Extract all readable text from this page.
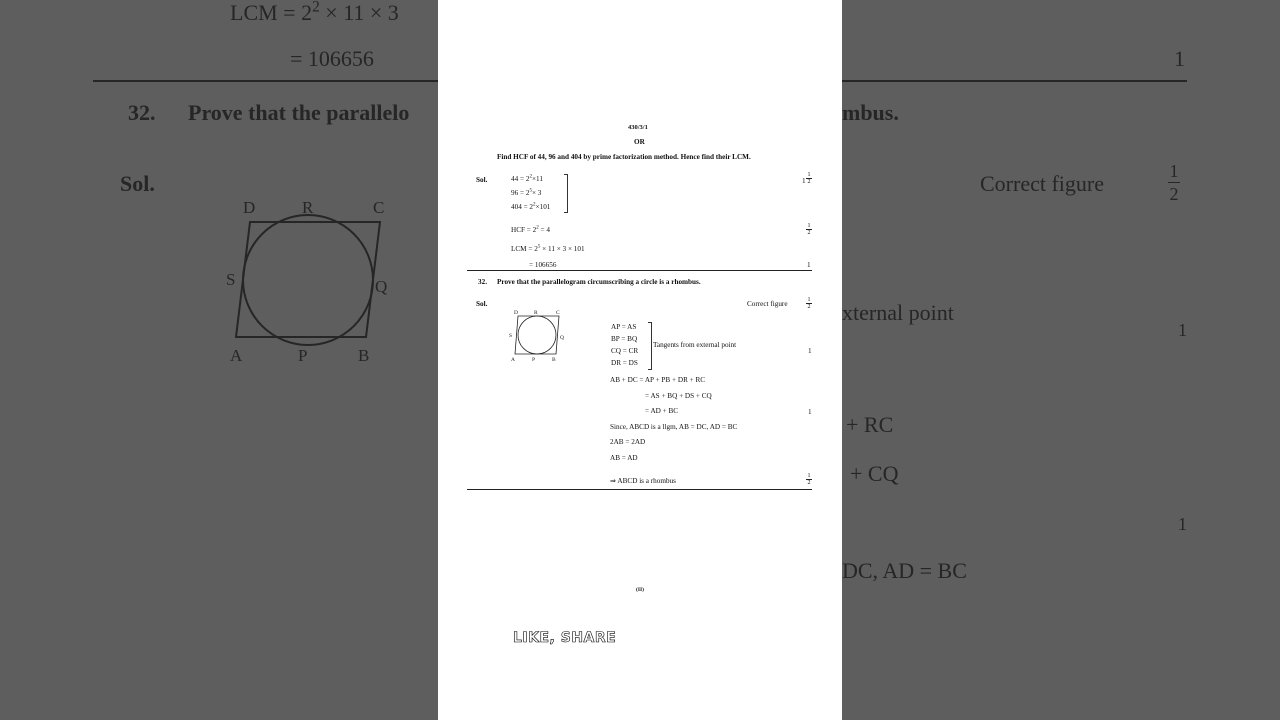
LCM = $2^2 \times 11 \times 3$
= 106656	1
32. Prove that the parallelo	mbus.
Sol.	Correct figure	1
2
xternal point
1
+ RC
+ CQ
1
DC, AD = BC
D	R	C
S	Q
A	P	B
430/3/1
OR
Find HCF of 44, 96 and 404 by prime factorization method. Hence find their LCM.
Sol.	$44 = 2^2\times 11$
$96 = 2^5\times 3$
$404 = 2^2\times 101$
$1 \frac{1}{2}$
HCF = $2^2 = 4$	$\frac{1}{2}$
LCM = $2^5 \times 11 \times 3 \times 101$
= 106656	1
32. Prove that the parallelogram circumscribing a circle is a rhombus.
Sol.	Correct figure	$\frac{1}{2}$
D	R	C
S	Q
A	P	B
AP = AS
BP = BQ
CQ = CR
DR = DS
Tangents from external point
1
AB + DC = AP + PB + DR + RC
= AS + BQ + DS + CQ
= AD + BC	1
Since, ABCD is a llgm, AB = DC, AD = BC
2AB = 2AD
AB = AD
⇒ ABCD is a rhombus	$\frac{1}{2}$
(II)
LIKE, SHARE
